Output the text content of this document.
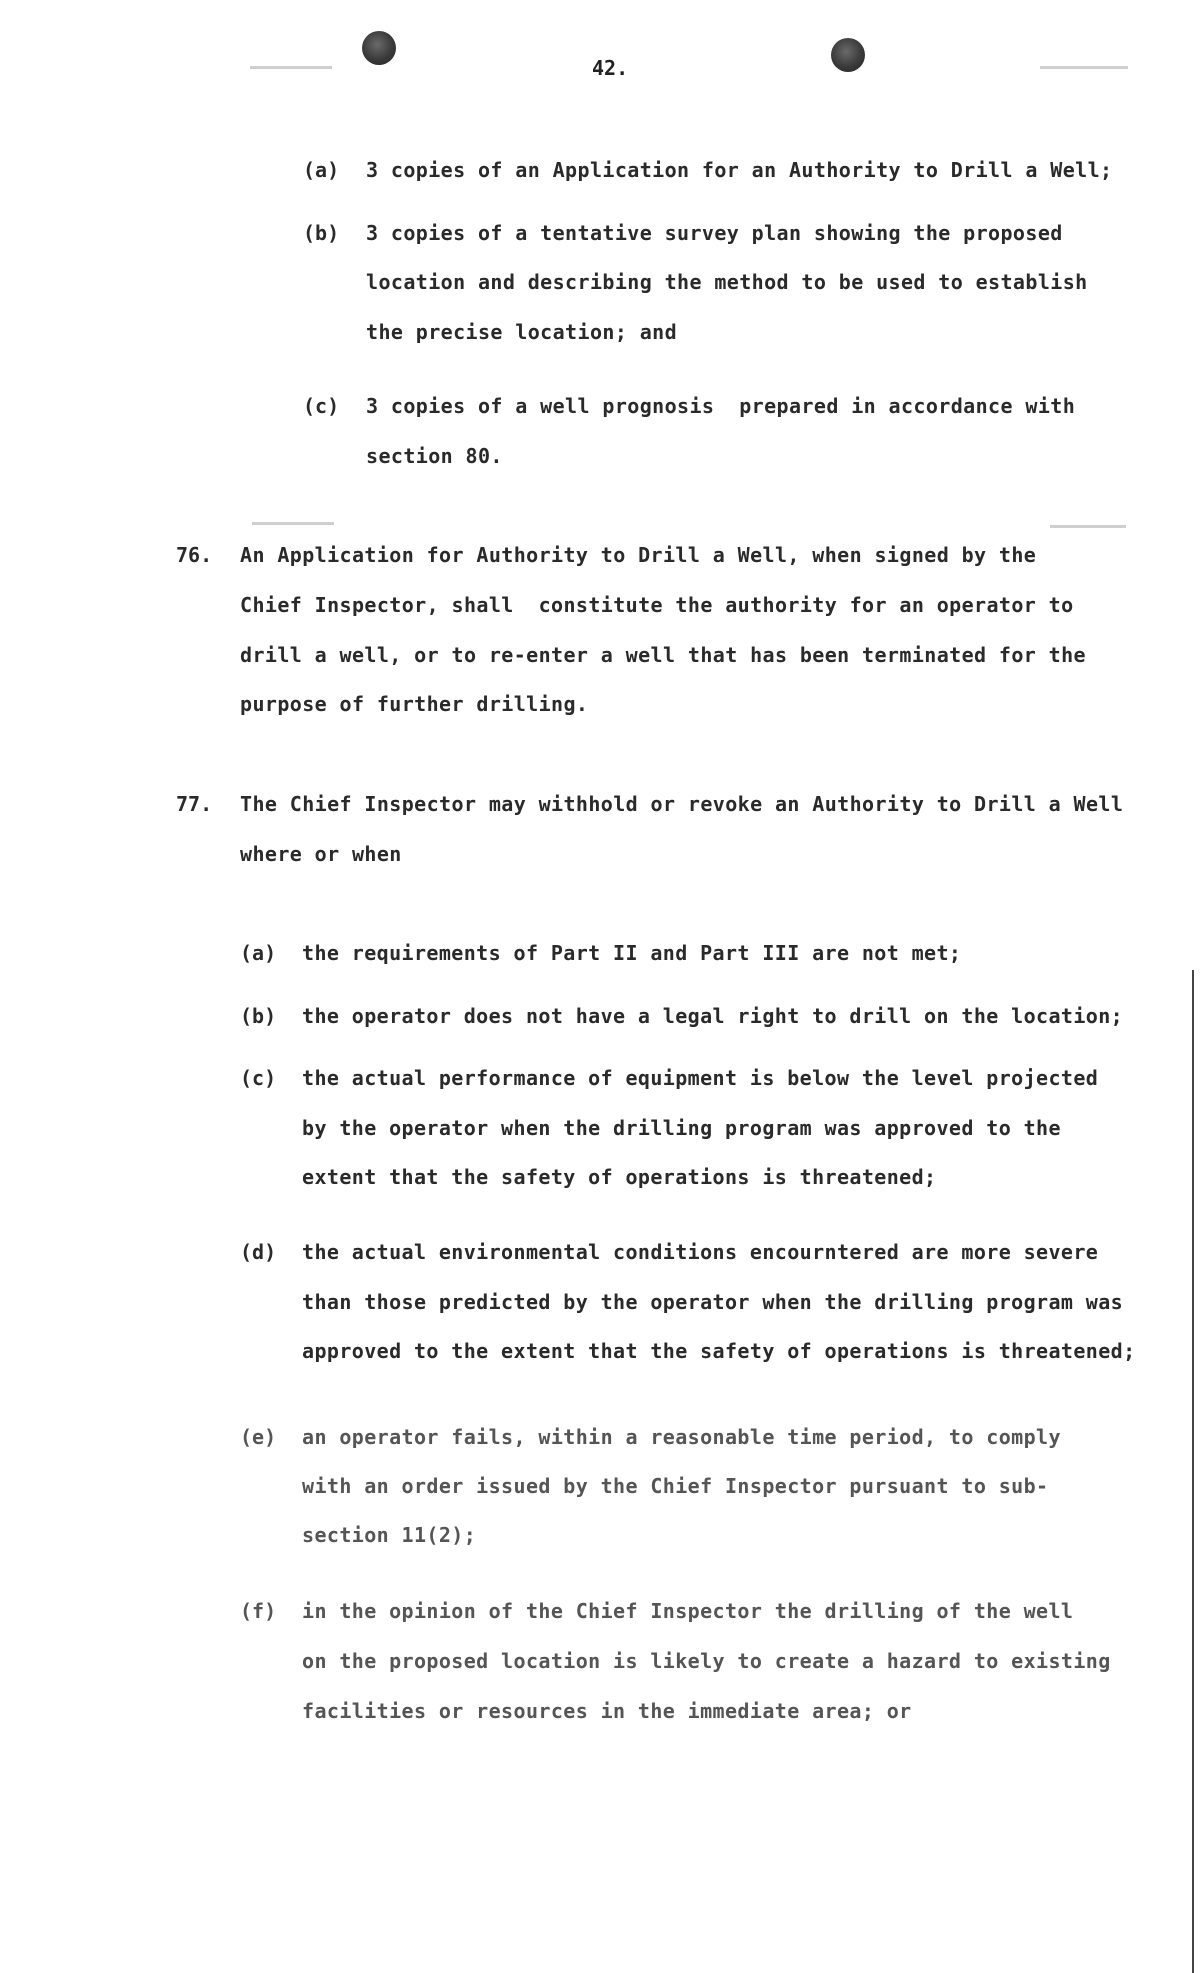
42.
(a) 3 copies of an Application for an Authority to Drill a Well;
(b) 3 copies of a tentative survey plan showing the proposed
location and describing the method to be used to establish
the precise location; and
(c) 3 copies of a well prognosis  prepared in accordance with
section 80.
76. An Application for Authority to Drill a Well, when signed by the
Chief Inspector, shall  constitute the authority for an operator to
drill a well, or to re-enter a well that has been terminated for the
purpose of further drilling.
77. The Chief Inspector may withhold or revoke an Authority to Drill a Well
where or when
(a) the requirements of Part II and Part III are not met;
(b) the operator does not have a legal right to drill on the location;
(c) the actual performance of equipment is below the level projected
by the operator when the drilling program was approved to the
extent that the safety of operations is threatened;
(d) the actual environmental conditions encourntered are more severe
than those predicted by the operator when the drilling program was
approved to the extent that the safety of operations is threatened;
(e) an operator fails, within a reasonable time period, to comply
with an order issued by the Chief Inspector pursuant to sub-
section 11(2);
(f) in the opinion of the Chief Inspector the drilling of the well
on the proposed location is likely to create a hazard to existing
facilities or resources in the immediate area; or
